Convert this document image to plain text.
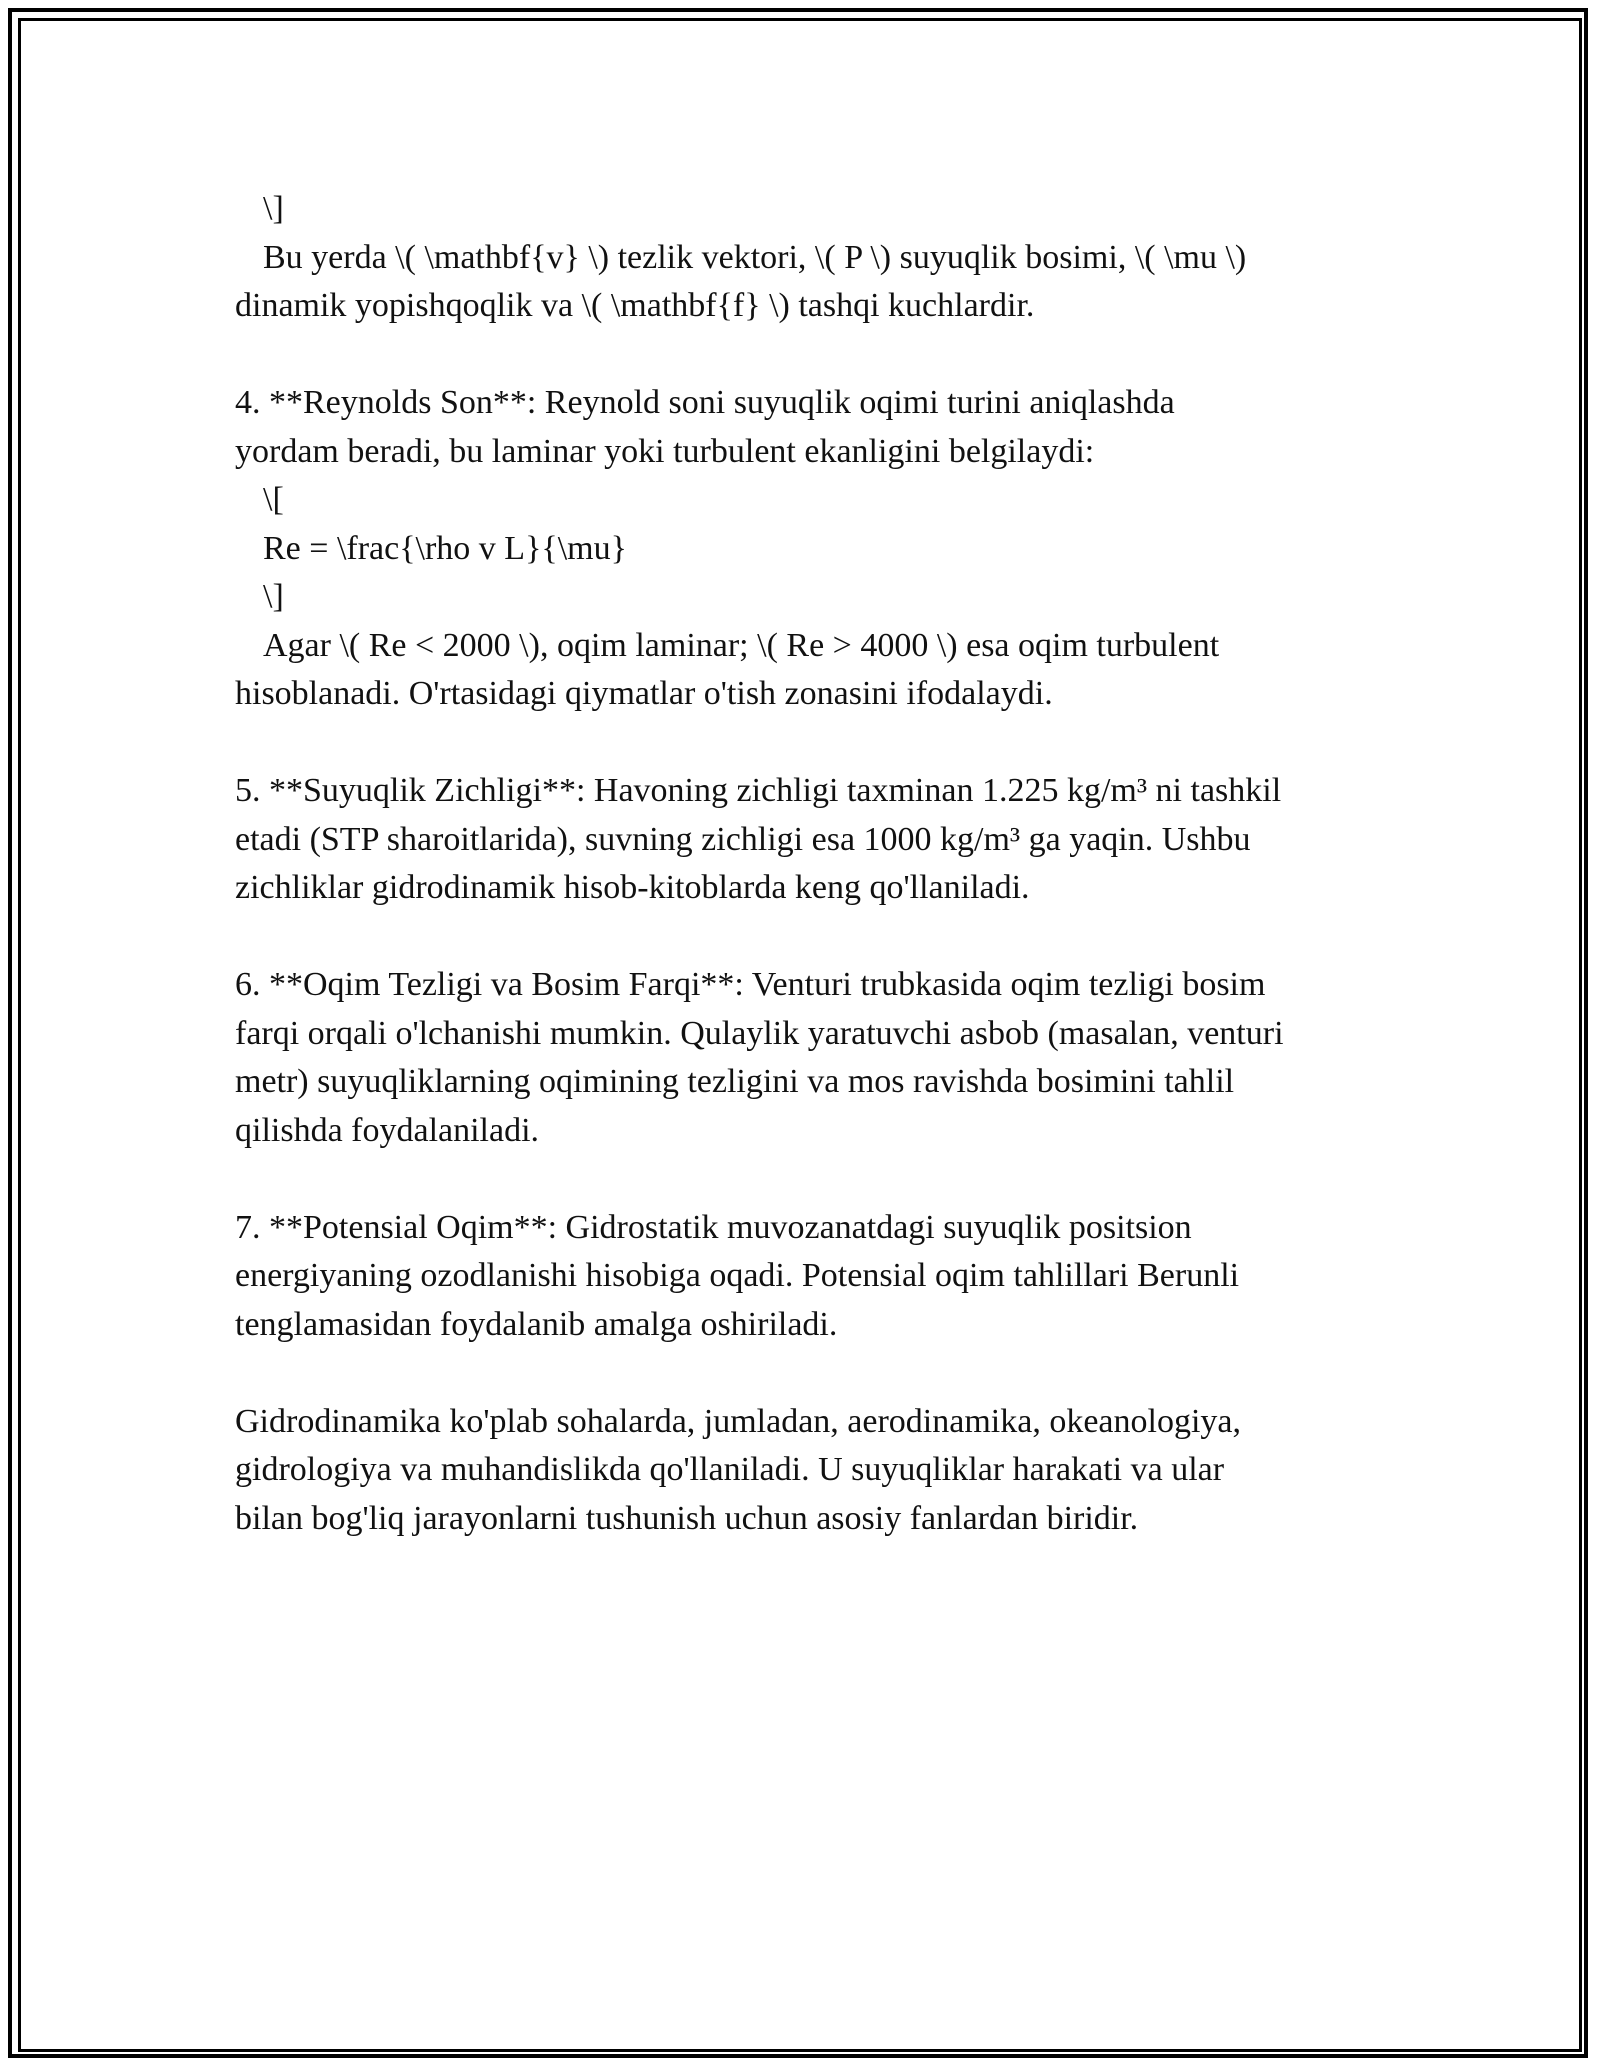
\]
Bu yerda \( \mathbf{v} \) tezlik vektori, \( P \) suyuqlik bosimi, \( \mu \)
dinamik yopishqoqlik va \( \mathbf{f} \) tashqi kuchlardir.
4. **Reynolds Son**: Reynold soni suyuqlik oqimi turini aniqlashda
yordam beradi, bu laminar yoki turbulent ekanligini belgilaydi:
\[
Re = \frac{\rho v L}{\mu}
\]
Agar \( Re < 2000 \), oqim laminar; \( Re > 4000 \) esa oqim turbulent
hisoblanadi. O'rtasidagi qiymatlar o'tish zonasini ifodalaydi.
5. **Suyuqlik Zichligi**: Havoning zichligi taxminan 1.225 kg/m³ ni tashkil
etadi (STP sharoitlarida), suvning zichligi esa 1000 kg/m³ ga yaqin. Ushbu
zichliklar gidrodinamik hisob-kitoblarda keng qo'llaniladi.
6. **Oqim Tezligi va Bosim Farqi**: Venturi trubkasida oqim tezligi bosim
farqi orqali o'lchanishi mumkin. Qulaylik yaratuvchi asbob (masalan, venturi
metr) suyuqliklarning oqimining tezligini va mos ravishda bosimini tahlil
qilishda foydalaniladi.
7. **Potensial Oqim**: Gidrostatik muvozanatdagi suyuqlik positsion
energiyaning ozodlanishi hisobiga oqadi. Potensial oqim tahlillari Berunli
tenglamasidan foydalanib amalga oshiriladi.
Gidrodinamika ko'plab sohalarda, jumladan, aerodinamika, okeanologiya,
gidrologiya va muhandislikda qo'llaniladi. U suyuqliklar harakati va ular
bilan bog'liq jarayonlarni tushunish uchun asosiy fanlardan biridir.
